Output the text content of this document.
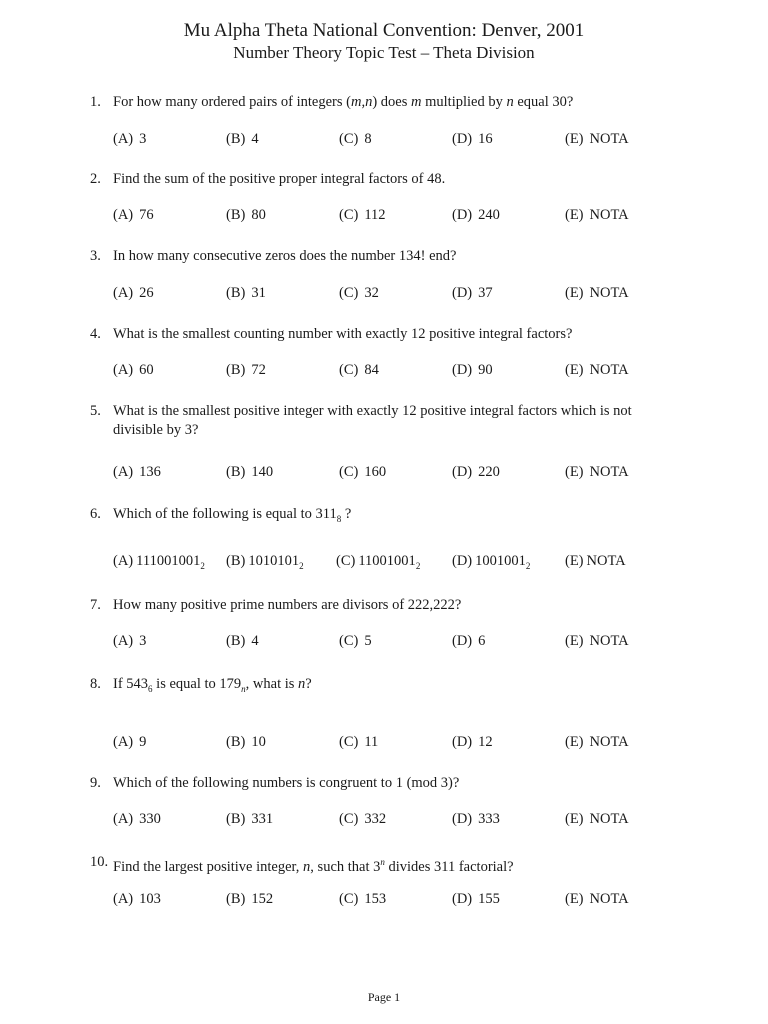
Mu Alpha Theta National Convention: Denver, 2001
Number Theory Topic Test – Theta Division
1. For how many ordered pairs of integers (m,n) does m multiplied by n equal 30?
2. Find the sum of the positive proper integral factors of 48.
3. In how many consecutive zeros does the number 134! end?
4. What is the smallest counting number with exactly 12 positive integral factors?
5. What is the smallest positive integer with exactly 12 positive integral factors which is not divisible by 3?
6. Which of the following is equal to $311_8$ ?
7. How many positive prime numbers are divisors of 222,222?
8. If $543_6$ is equal to $179_n$, what is n?
9. Which of the following numbers is congruent to 1 (mod 3)?
10. Find the largest positive integer, n, such that 3$^n$ divides 311 factorial?
(A) 3	(B) 4	(C) 8	(D) 16	(E) NOTA
(A) 76	(B) 80	(C) 112	(D) 240	(E) NOTA
(A) 26	(B) 31	(C) 32	(D) 37	(E) NOTA
(A) 60	(B) 72	(C) 84	(D) 90	(E) NOTA
(A) 136	(B) 140	(C) 160	(D) 220	(E) NOTA
(A) $111001001_2$ (B) $1010101_2$ (C) $11001001_2$ (D) $1001001_2$ (E) NOTA
(A) 3	(B) 4	(C) 5	(D) 6	(E) NOTA
(A) 9	(B) 10	(C) 11	(D) 12	(E) NOTA
(A) 330	(B) 331	(C) 332	(D) 333	(E) NOTA
(A) 103	(B) 152	(C) 153	(D) 155	(E) NOTA
Page 1
